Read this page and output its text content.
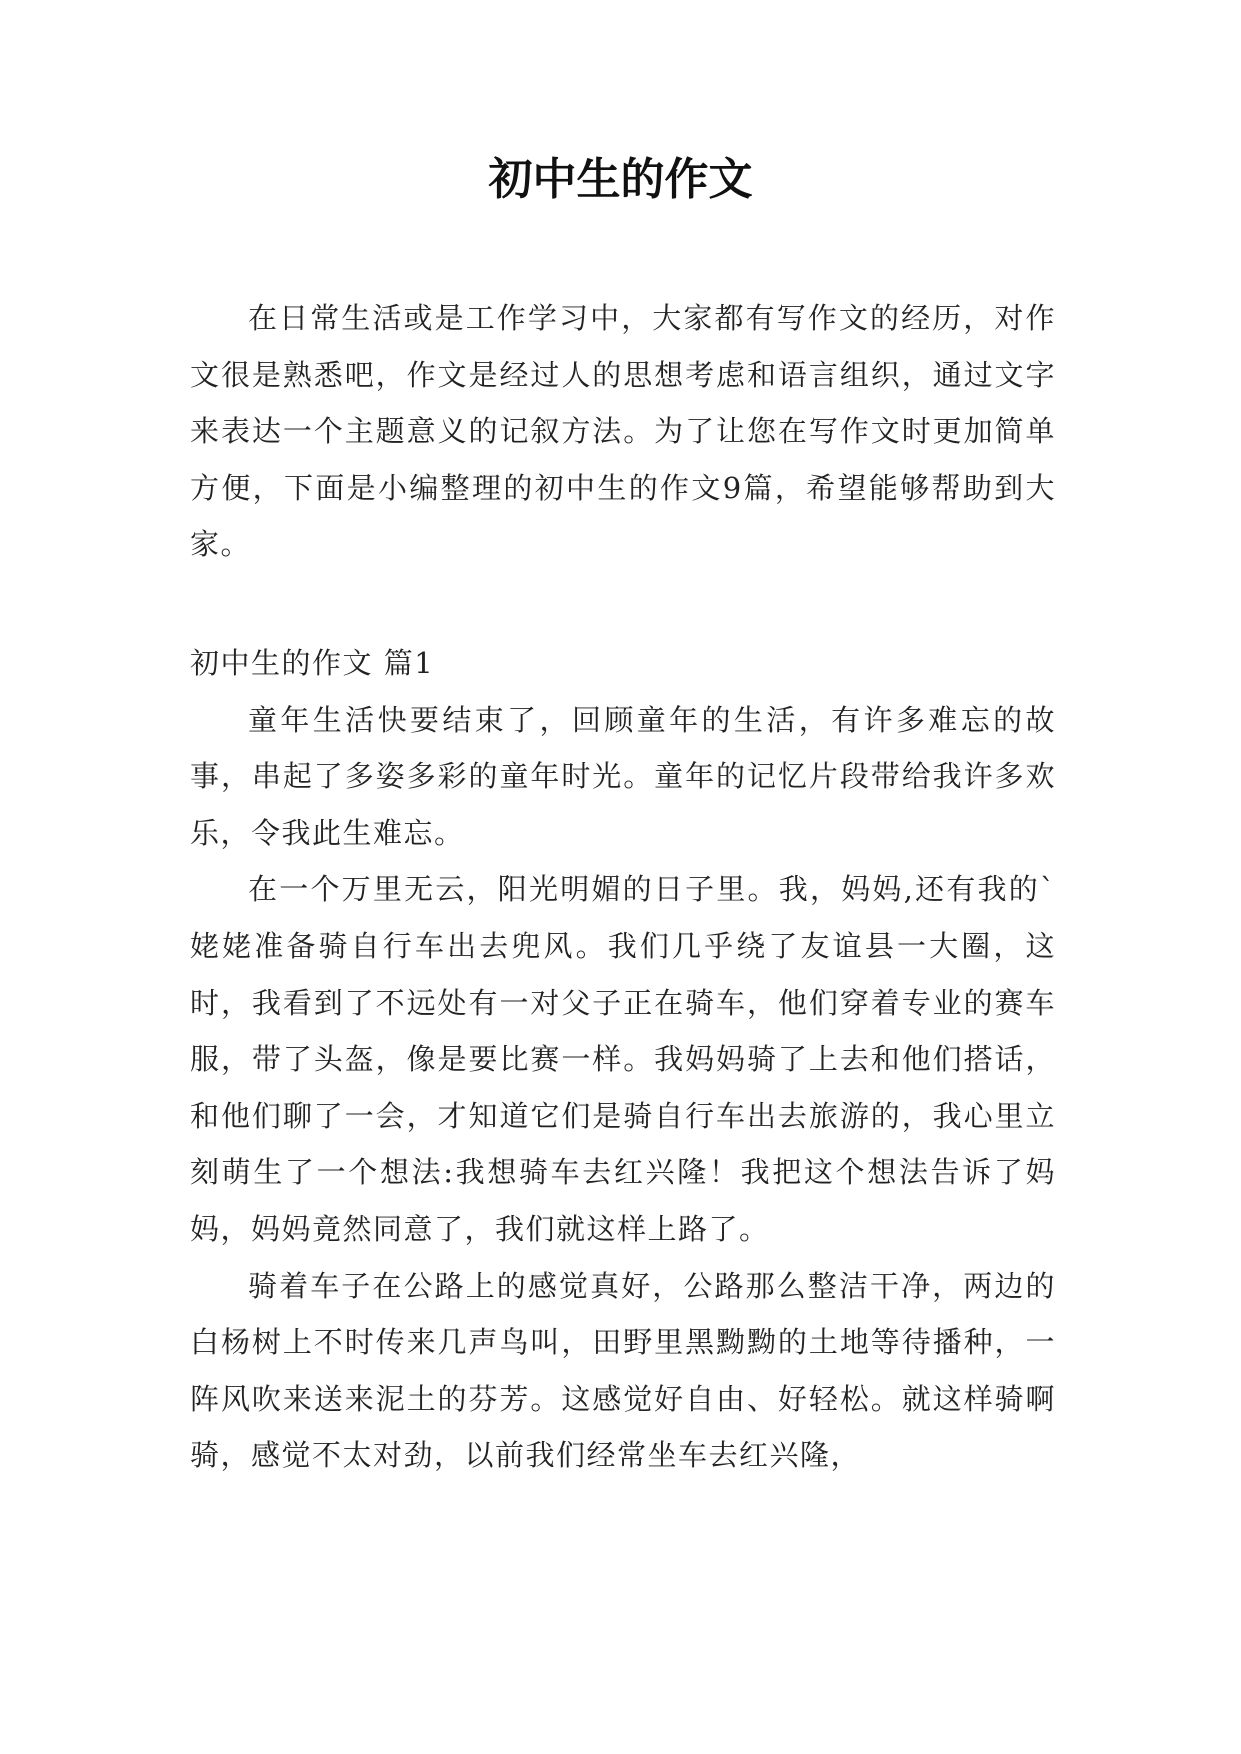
初中生的作文

在日常生活或是工作学习中，大家都有写作文的经历，对作文很是熟悉吧，作文是经过人的思想考虑和语言组织，通过文字来表达一个主题意义的记叙方法。为了让您在写作文时更加简单方便，下面是小编整理的初中生的作文9篇，希望能够帮助到大家。

初中生的作文 篇1

童年生活快要结束了，回顾童年的生活，有许多难忘的故事，串起了多姿多彩的童年时光。童年的记忆片段带给我许多欢乐，令我此生难忘。

在一个万里无云，阳光明媚的日子里。我，妈妈,还有我的`姥姥准备骑自行车出去兜风。我们几乎绕了友谊县一大圈，这时，我看到了不远处有一对父子正在骑车，他们穿着专业的赛车服，带了头盔，像是要比赛一样。我妈妈骑了上去和他们搭话，和他们聊了一会，才知道它们是骑自行车出去旅游的，我心里立刻萌生了一个想法:我想骑车去红兴隆！我把这个想法告诉了妈妈，妈妈竟然同意了，我们就这样上路了。

骑着车子在公路上的感觉真好，公路那么整洁干净，两边的白杨树上不时传来几声鸟叫，田野里黑黝黝的土地等待播种，一阵风吹来送来泥土的芬芳。这感觉好自由、好轻松。就这样骑啊骑，感觉不太对劲，以前我们经常坐车去红兴隆，
